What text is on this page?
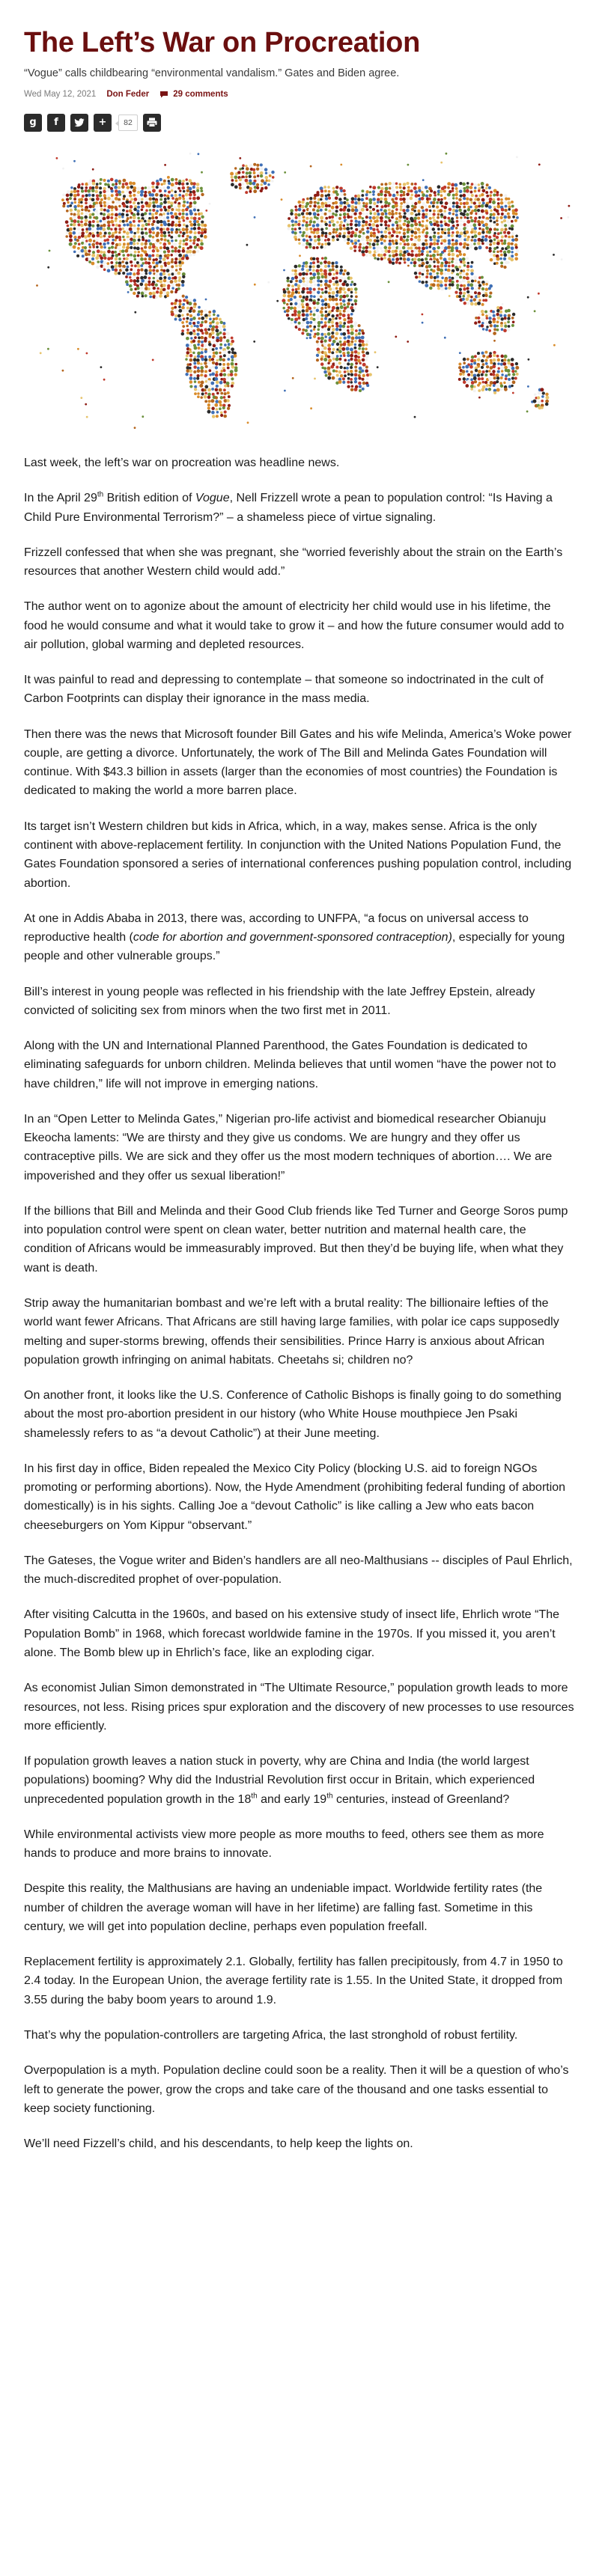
The Left’s War on Procreation
“Vogue” calls childbearing “environmental vandalism.” Gates and Biden agree.
Wed May 12, 2021 Don Feder	29 comments
g f	+	82

Last week, the left’s war on procreation was headline news.

In the April 29th British edition of Vogue, Nell Frizzell wrote a pean to population control: “Is Having a Child Pure Environmental Terrorism?” – a shameless piece of virtue signaling.

Frizzell confessed that when she was pregnant, she “worried feverishly about the strain on the Earth’s resources that another Western child would add.”

The author went on to agonize about the amount of electricity her child would use in his lifetime, the food he would consume and what it would take to grow it – and how the future consumer would add to air pollution, global warming and depleted resources.

It was painful to read and depressing to contemplate – that someone so indoctrinated in the cult of Carbon Footprints can display their ignorance in the mass media.

Then there was the news that Microsoft founder Bill Gates and his wife Melinda, America’s Woke power couple, are getting a divorce. Unfortunately, the work of The Bill and Melinda Gates Foundation will continue. With $43.3 billion in assets (larger than the economies of most countries) the Foundation is dedicated to making the world a more barren place.

Its target isn’t Western children but kids in Africa, which, in a way, makes sense. Africa is the only continent with above-replacement fertility. In conjunction with the United Nations Population Fund, the Gates Foundation sponsored a series of international conferences pushing population control, including abortion.

At one in Addis Ababa in 2013, there was, according to UNFPA, “a focus on universal access to reproductive health (code for abortion and government-sponsored contraception), especially for young people and other vulnerable groups.”

Bill’s interest in young people was reflected in his friendship with the late Jeffrey Epstein, already convicted of soliciting sex from minors when the two first met in 2011.

Along with the UN and International Planned Parenthood, the Gates Foundation is dedicated to eliminating safeguards for unborn children. Melinda believes that until women “have the power not to have children,” life will not improve in emerging nations.

In an “Open Letter to Melinda Gates,” Nigerian pro-life activist and biomedical researcher Obianuju Ekeocha laments: “We are thirsty and they give us condoms. We are hungry and they offer us contraceptive pills. We are sick and they offer us the most modern techniques of abortion…. We are impoverished and they offer us sexual liberation!”

If the billions that Bill and Melinda and their Good Club friends like Ted Turner and George Soros pump into population control were spent on clean water, better nutrition and maternal health care, the condition of Africans would be immeasurably improved. But then they’d be buying life, when what they want is death.

Strip away the humanitarian bombast and we’re left with a brutal reality: The billionaire lefties of the world want fewer Africans. That Africans are still having large families, with polar ice caps supposedly melting and super-storms brewing, offends their sensibilities. Prince Harry is anxious about African population growth infringing on animal habitats. Cheetahs si; children no?

On another front, it looks like the U.S. Conference of Catholic Bishops is finally going to do something about the most pro-abortion president in our history (who White House mouthpiece Jen Psaki shamelessly refers to as “a devout Catholic”) at their June meeting.

In his first day in office, Biden repealed the Mexico City Policy (blocking U.S. aid to foreign NGOs promoting or performing abortions). Now, the Hyde Amendment (prohibiting federal funding of abortion domestically) is in his sights. Calling Joe a “devout Catholic” is like calling a Jew who eats bacon cheeseburgers on Yom Kippur “observant.”

The Gateses, the Vogue writer and Biden’s handlers are all neo-Malthusians -- disciples of Paul Ehrlich, the much-discredited prophet of over-population.

After visiting Calcutta in the 1960s, and based on his extensive study of insect life, Ehrlich wrote “The Population Bomb” in 1968, which forecast worldwide famine in the 1970s. If you missed it, you aren’t alone. The Bomb blew up in Ehrlich’s face, like an exploding cigar.

As economist Julian Simon demonstrated in “The Ultimate Resource,” population growth leads to more resources, not less. Rising prices spur exploration and the discovery of new processes to use resources more efficiently.

If population growth leaves a nation stuck in poverty, why are China and India (the world largest populations) booming? Why did the Industrial Revolution first occur in Britain, which experienced unprecedented population growth in the 18th and early 19th centuries, instead of Greenland?

While environmental activists view more people as more mouths to feed, others see them as more hands to produce and more brains to innovate.

Despite this reality, the Malthusians are having an undeniable impact. Worldwide fertility rates (the number of children the average woman will have in her lifetime) are falling fast. Sometime in this century, we will get into population decline, perhaps even population freefall.

Replacement fertility is approximately 2.1. Globally, fertility has fallen precipitously, from 4.7 in 1950 to 2.4 today. In the European Union, the average fertility rate is 1.55. In the United State, it dropped from 3.55 during the baby boom years to around 1.9.

That’s why the population-controllers are targeting Africa, the last stronghold of robust fertility.

Overpopulation is a myth. Population decline could soon be a reality. Then it will be a question of who’s left to generate the power, grow the crops and take care of the thousand and one tasks essential to keep society functioning.

We’ll need Fizzell’s child, and his descendants, to help keep the lights on.
